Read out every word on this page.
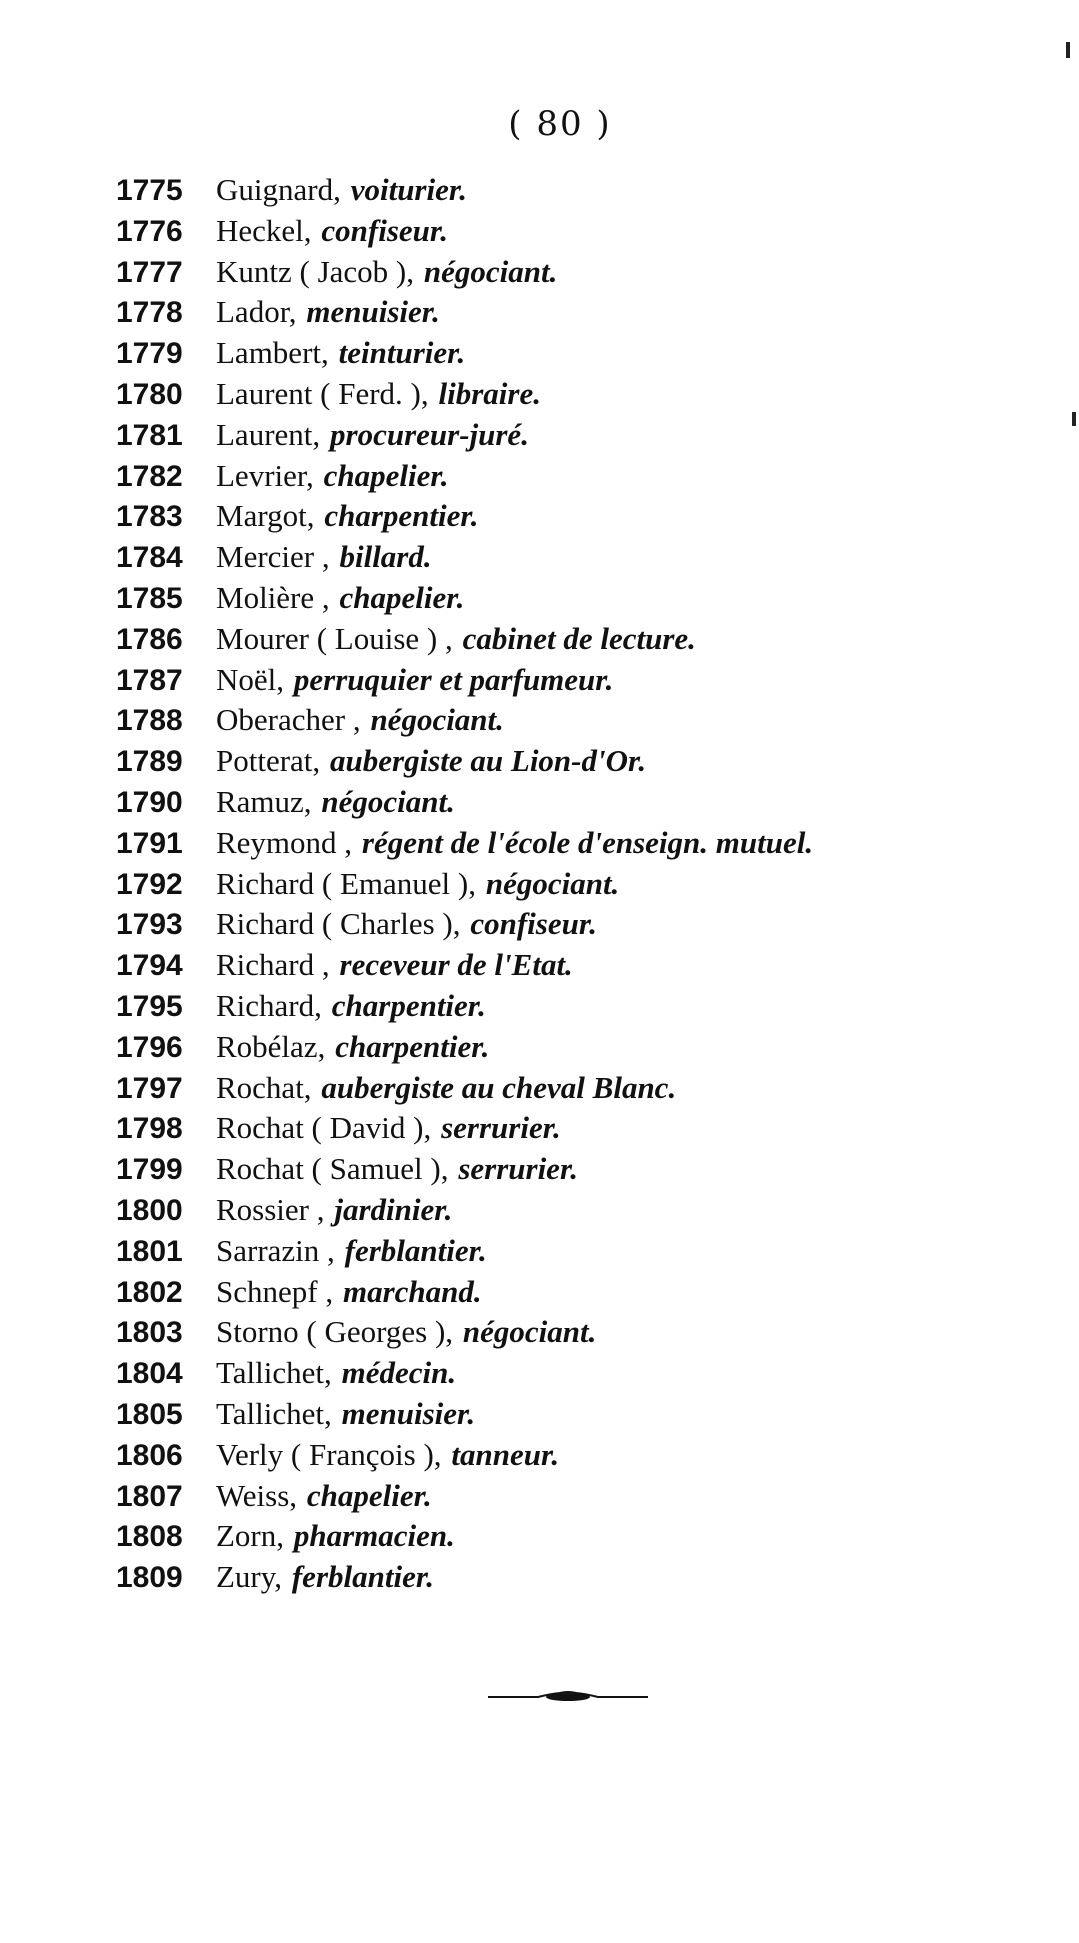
( 80 )
1775 Guignard, voiturier.
1776 Heckel, confiseur.
1777 Kuntz ( Jacob ), négociant.
1778 Lador, menuisier.
1779 Lambert, teinturier.
1780 Laurent ( Ferd. ), libraire.
1781 Laurent, procureur-juré.
1782 Levrier, chapelier.
1783 Margot, charpentier.
1784 Mercier , billard.
1785 Molière , chapelier.
1786 Mourer ( Louise ) , cabinet de lecture.
1787 Noël, perruquier et parfumeur.
1788 Oberacher , négociant.
1789 Potterat, aubergiste au Lion-d'Or.
1790 Ramuz, négociant.
1791 Reymond , régent de l'école d'enseign. mutuel.
1792 Richard ( Emanuel ), négociant.
1793 Richard ( Charles ), confiseur.
1794 Richard , receveur de l'Etat.
1795 Richard, charpentier.
1796 Robélaz, charpentier.
1797 Rochat, aubergiste au cheval Blanc.
1798 Rochat ( David ), serrurier.
1799 Rochat ( Samuel ), serrurier.
1800 Rossier , jardinier.
1801 Sarrazin , ferblantier.
1802 Schnepf , marchand.
1803 Storno ( Georges ), négociant.
1804 Tallichet, médecin.
1805 Tallichet, menuisier.
1806 Verly ( François ), tanneur.
1807 Weiss, chapelier.
1808 Zorn, pharmacien.
1809 Zury, ferblantier.
